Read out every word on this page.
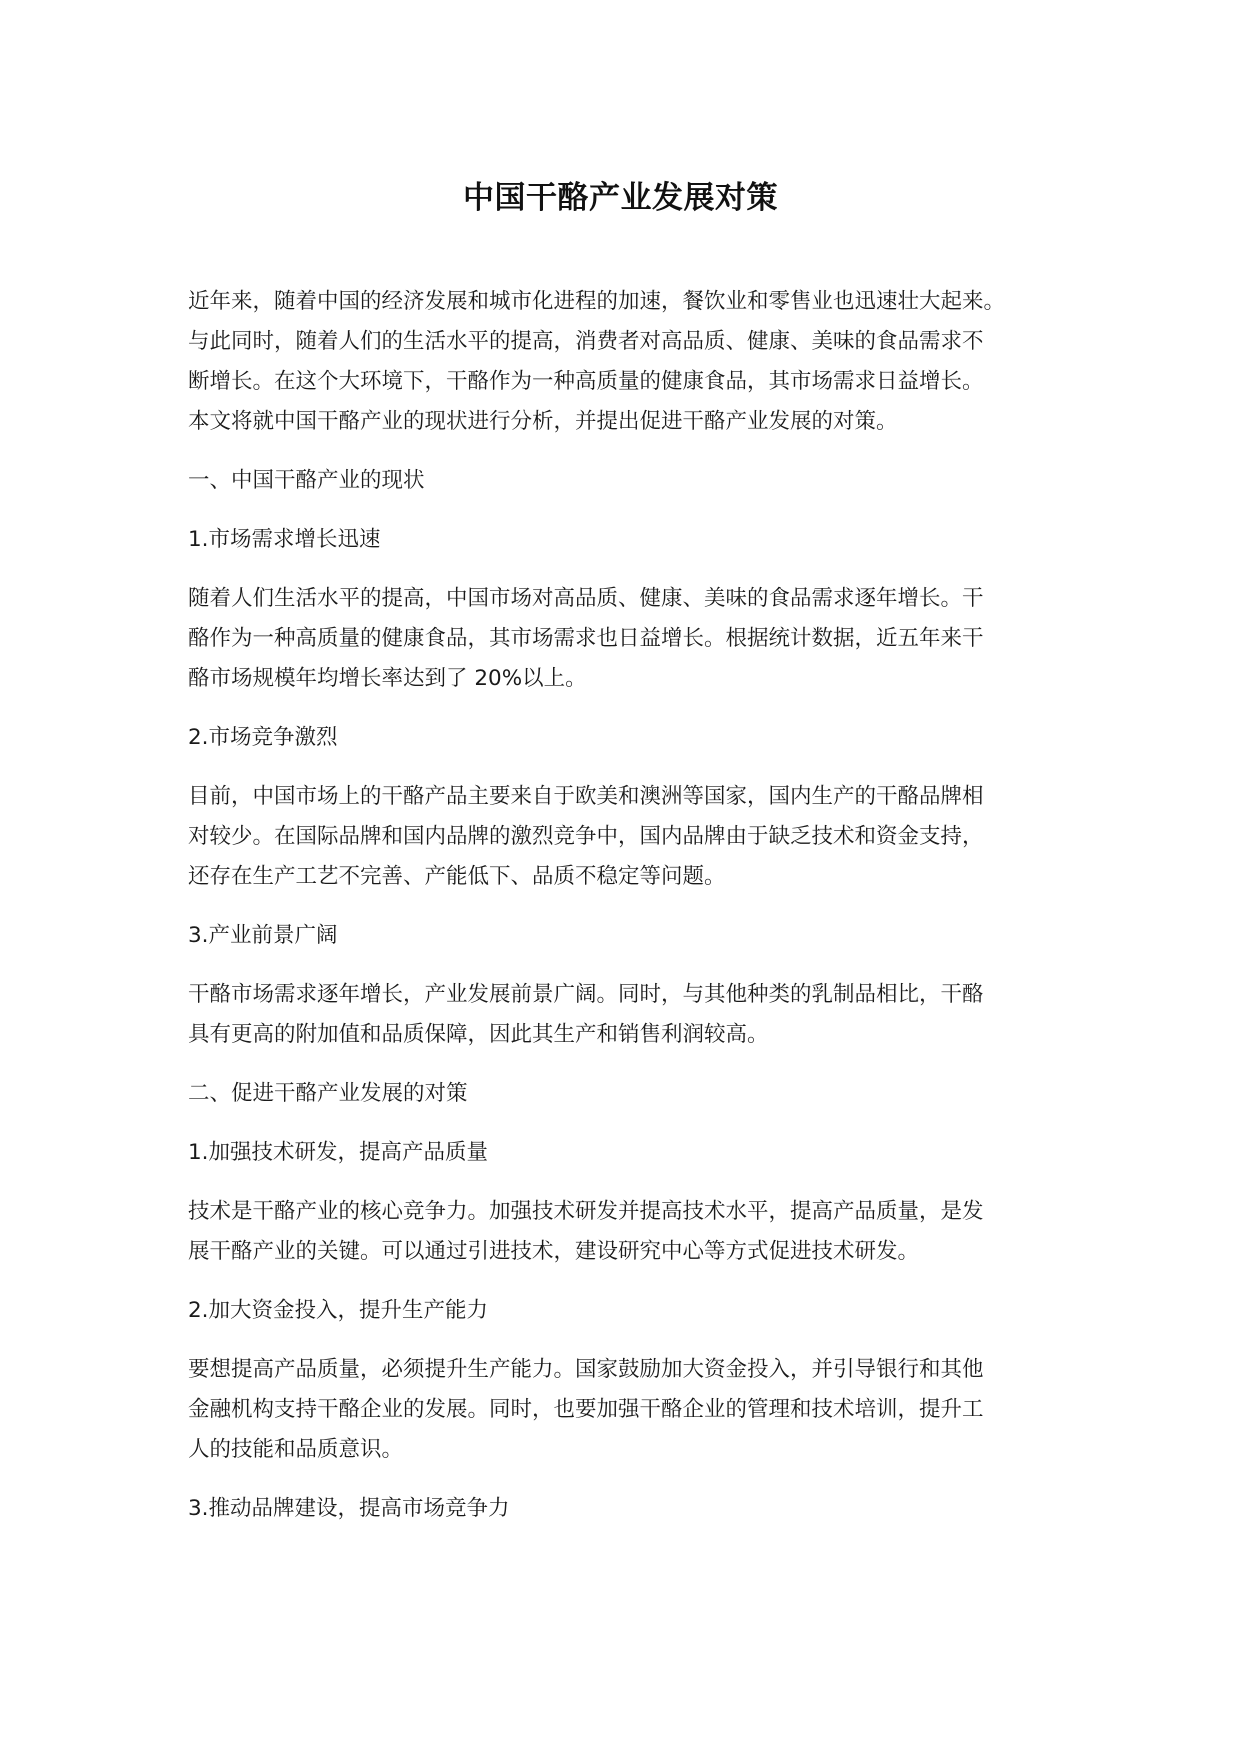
中国干酪产业发展对策

近年来，随着中国的经济发展和城市化进程的加速，餐饮业和零售业也迅速壮大起来。
与此同时，随着人们的生活水平的提高，消费者对高品质、健康、美味的食品需求不
断增长。在这个大环境下，干酪作为一种高质量的健康食品，其市场需求日益增长。
本文将就中国干酪产业的现状进行分析，并提出促进干酪产业发展的对策。

一、中国干酪产业的现状

1.市场需求增长迅速

随着人们生活水平的提高，中国市场对高品质、健康、美味的食品需求逐年增长。干
酪作为一种高质量的健康食品，其市场需求也日益增长。根据统计数据，近五年来干
酪市场规模年均增长率达到了 20%以上。

2.市场竞争激烈

目前，中国市场上的干酪产品主要来自于欧美和澳洲等国家，国内生产的干酪品牌相
对较少。在国际品牌和国内品牌的激烈竞争中，国内品牌由于缺乏技术和资金支持，
还存在生产工艺不完善、产能低下、品质不稳定等问题。

3.产业前景广阔

干酪市场需求逐年增长，产业发展前景广阔。同时，与其他种类的乳制品相比，干酪
具有更高的附加值和品质保障，因此其生产和销售利润较高。

二、促进干酪产业发展的对策

1.加强技术研发，提高产品质量

技术是干酪产业的核心竞争力。加强技术研发并提高技术水平，提高产品质量，是发
展干酪产业的关键。可以通过引进技术，建设研究中心等方式促进技术研发。

2.加大资金投入，提升生产能力

要想提高产品质量，必须提升生产能力。国家鼓励加大资金投入，并引导银行和其他
金融机构支持干酪企业的发展。同时，也要加强干酪企业的管理和技术培训，提升工
人的技能和品质意识。

3.推动品牌建设，提高市场竞争力
